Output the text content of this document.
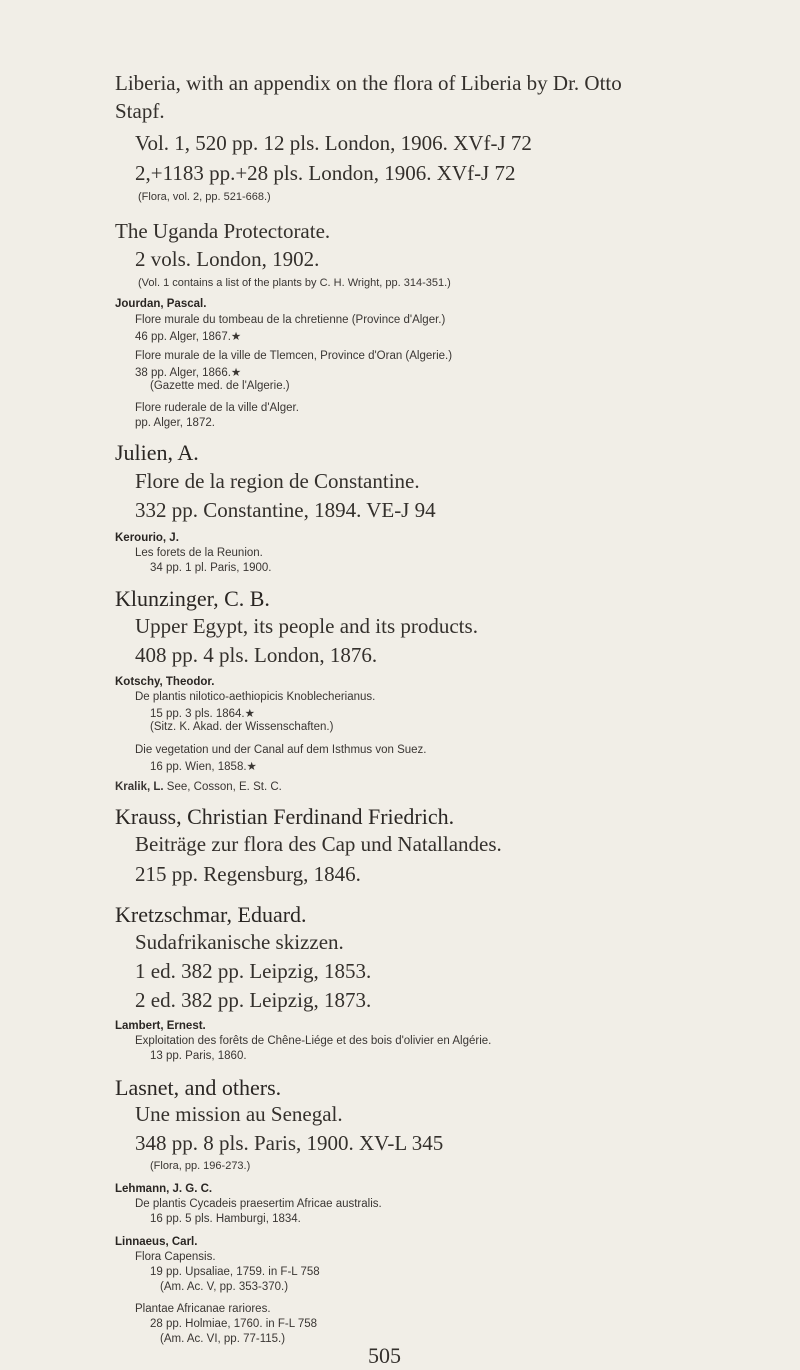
Liberia, with an appendix on the flora of Liberia by Dr. Otto
Stapf.
Vol. 1, 520 pp. 12 pls. London, 1906. XVf-J 72
2,+1183 pp.+28 pls. London, 1906. XVf-J 72
(Flora, vol. 2, pp. 521-668.)
The Uganda Protectorate.
2 vols. London, 1902.
(Vol. 1 contains a list of the plants by C. H. Wright, pp. 314-351.)
Jourdan, Pascal.
Flore murale du tombeau de la chretienne (Province d'Alger.)
46 pp. Alger, 1867.★
Flore murale de la ville de Tlemcen, Province d'Oran (Algerie.)
38 pp. Alger, 1866.★
(Gazette med. de l'Algerie.)
Flore ruderale de la ville d'Alger.
pp. Alger, 1872.
Julien, A.
Flore de la region de Constantine.
332 pp. Constantine, 1894. VE-J 94
Kerourio, J.
Les forets de la Reunion.
34 pp. 1 pl. Paris, 1900.
Klunzinger, C. B.
Upper Egypt, its people and its products.
408 pp. 4 pls. London, 1876.
Kotschy, Theodor.
De plantis nilotico-aethiopicis Knoblecherianus.
15 pp. 3 pls. 1864.★
(Sitz. K. Akad. der Wissenschaften.)
Die vegetation und der Canal auf dem Isthmus von Suez.
16 pp. Wien, 1858.★
Kralik, L. See, Cosson, E. St. C.
Krauss, Christian Ferdinand Friedrich.
Beiträge zur flora des Cap und Natallandes.
215 pp. Regensburg, 1846.
Kretzschmar, Eduard.
Sudafrikanische skizzen.
1 ed. 382 pp. Leipzig, 1853.
2 ed. 382 pp. Leipzig, 1873.
Lambert, Ernest.
Exploitation des forêts de Chêne-Liége et des bois d'olivier en Algérie.
13 pp. Paris, 1860.
Lasnet, and others.
Une mission au Senegal.
348 pp. 8 pls. Paris, 1900. XV-L 345
(Flora, pp. 196-273.)
Lehmann, J. G. C.
De plantis Cycadeis praesertim Africae australis.
16 pp. 5 pls. Hamburgi, 1834.
Linnaeus, Carl.
Flora Capensis.
19 pp. Upsaliae, 1759. in F-L 758
(Am. Ac. V, pp. 353-370.)
Plantae Africanae rariores.
28 pp. Holmiae, 1760. in F-L 758
(Am. Ac. VI, pp. 77-115.)
505
